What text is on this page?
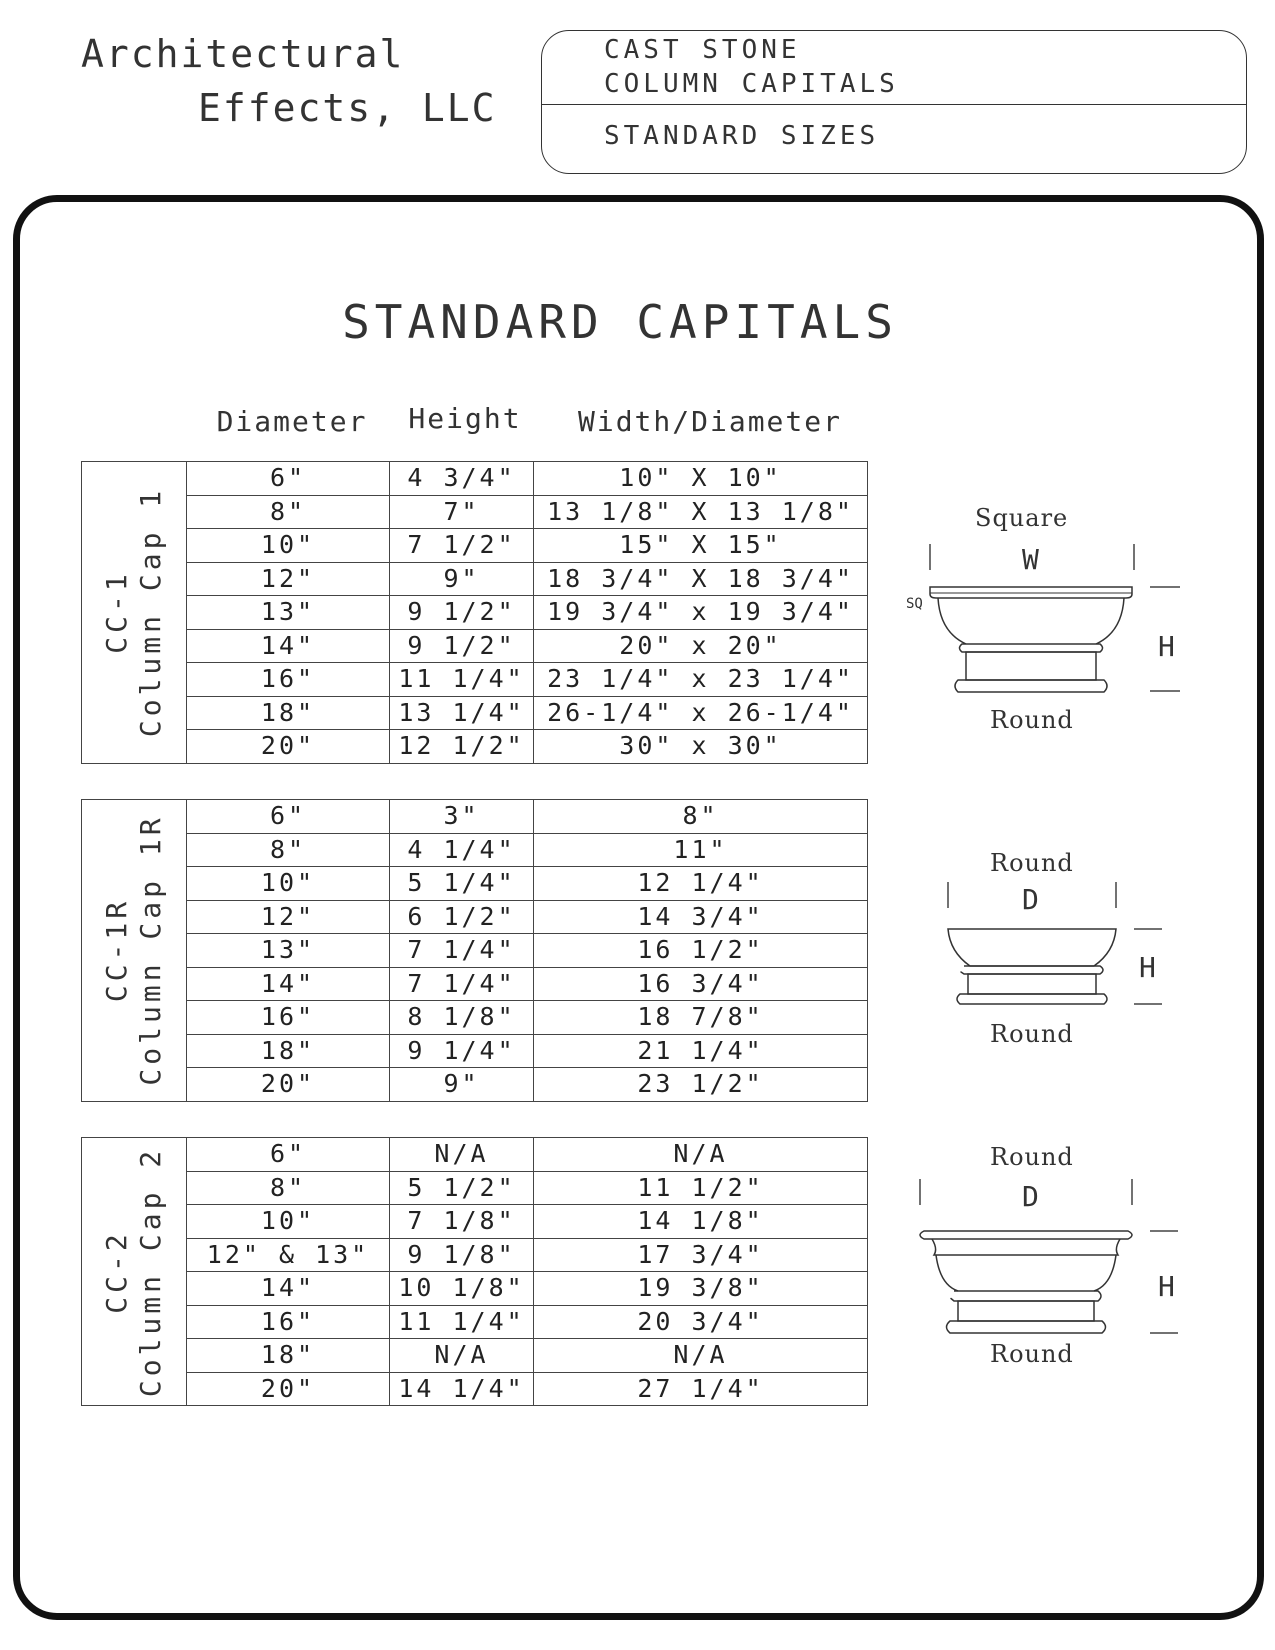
Architectural
Effects, LLC
CAST STONE
COLUMN CAPITALS
STANDARD SIZES
STANDARD CAPITALS
Diameter	Height	Width/Diameter
CC-1 Column Cap 1	6"	4 3/4"	10" X 10"
	8"	7"	13 1/8" X 13 1/8"
	10"	7 1/2"	15" X 15"
	12"	9"	18 3/4" X 18 3/4"
	13"	9 1/2"	19 3/4" x 19 3/4"
	14"	9 1/2"	20" x 20"
	16"	11 1/4"	23 1/4" x 23 1/4"
	18"	13 1/4"	26-1/4" x 26-1/4"
	20"	12 1/2"	30" x 30"
CC-1R Column Cap 1R	6"	3"	8"
	8"	4 1/4"	11"
	10"	5 1/4"	12 1/4"
	12"	6 1/2"	14 3/4"
	13"	7 1/4"	16 1/2"
	14"	7 1/4"	16 3/4"
	16"	8 1/8"	18 7/8"
	18"	9 1/4"	21 1/4"
	20"	9"	23 1/2"
CC-2 Column Cap 2	6"	N/A	N/A
	8"	5 1/2"	11 1/2"
	10"	7 1/8"	14 1/8"
	12" & 13"	9 1/8"	17 3/4"
	14"	10 1/8"	19 3/8"
	16"	11 1/4"	20 3/4"
	18"	N/A	N/A
	20"	14 1/4"	27 1/4"
Square
W
H
SQ
Round
Round
D
H
Round
Round
D
H
Round
